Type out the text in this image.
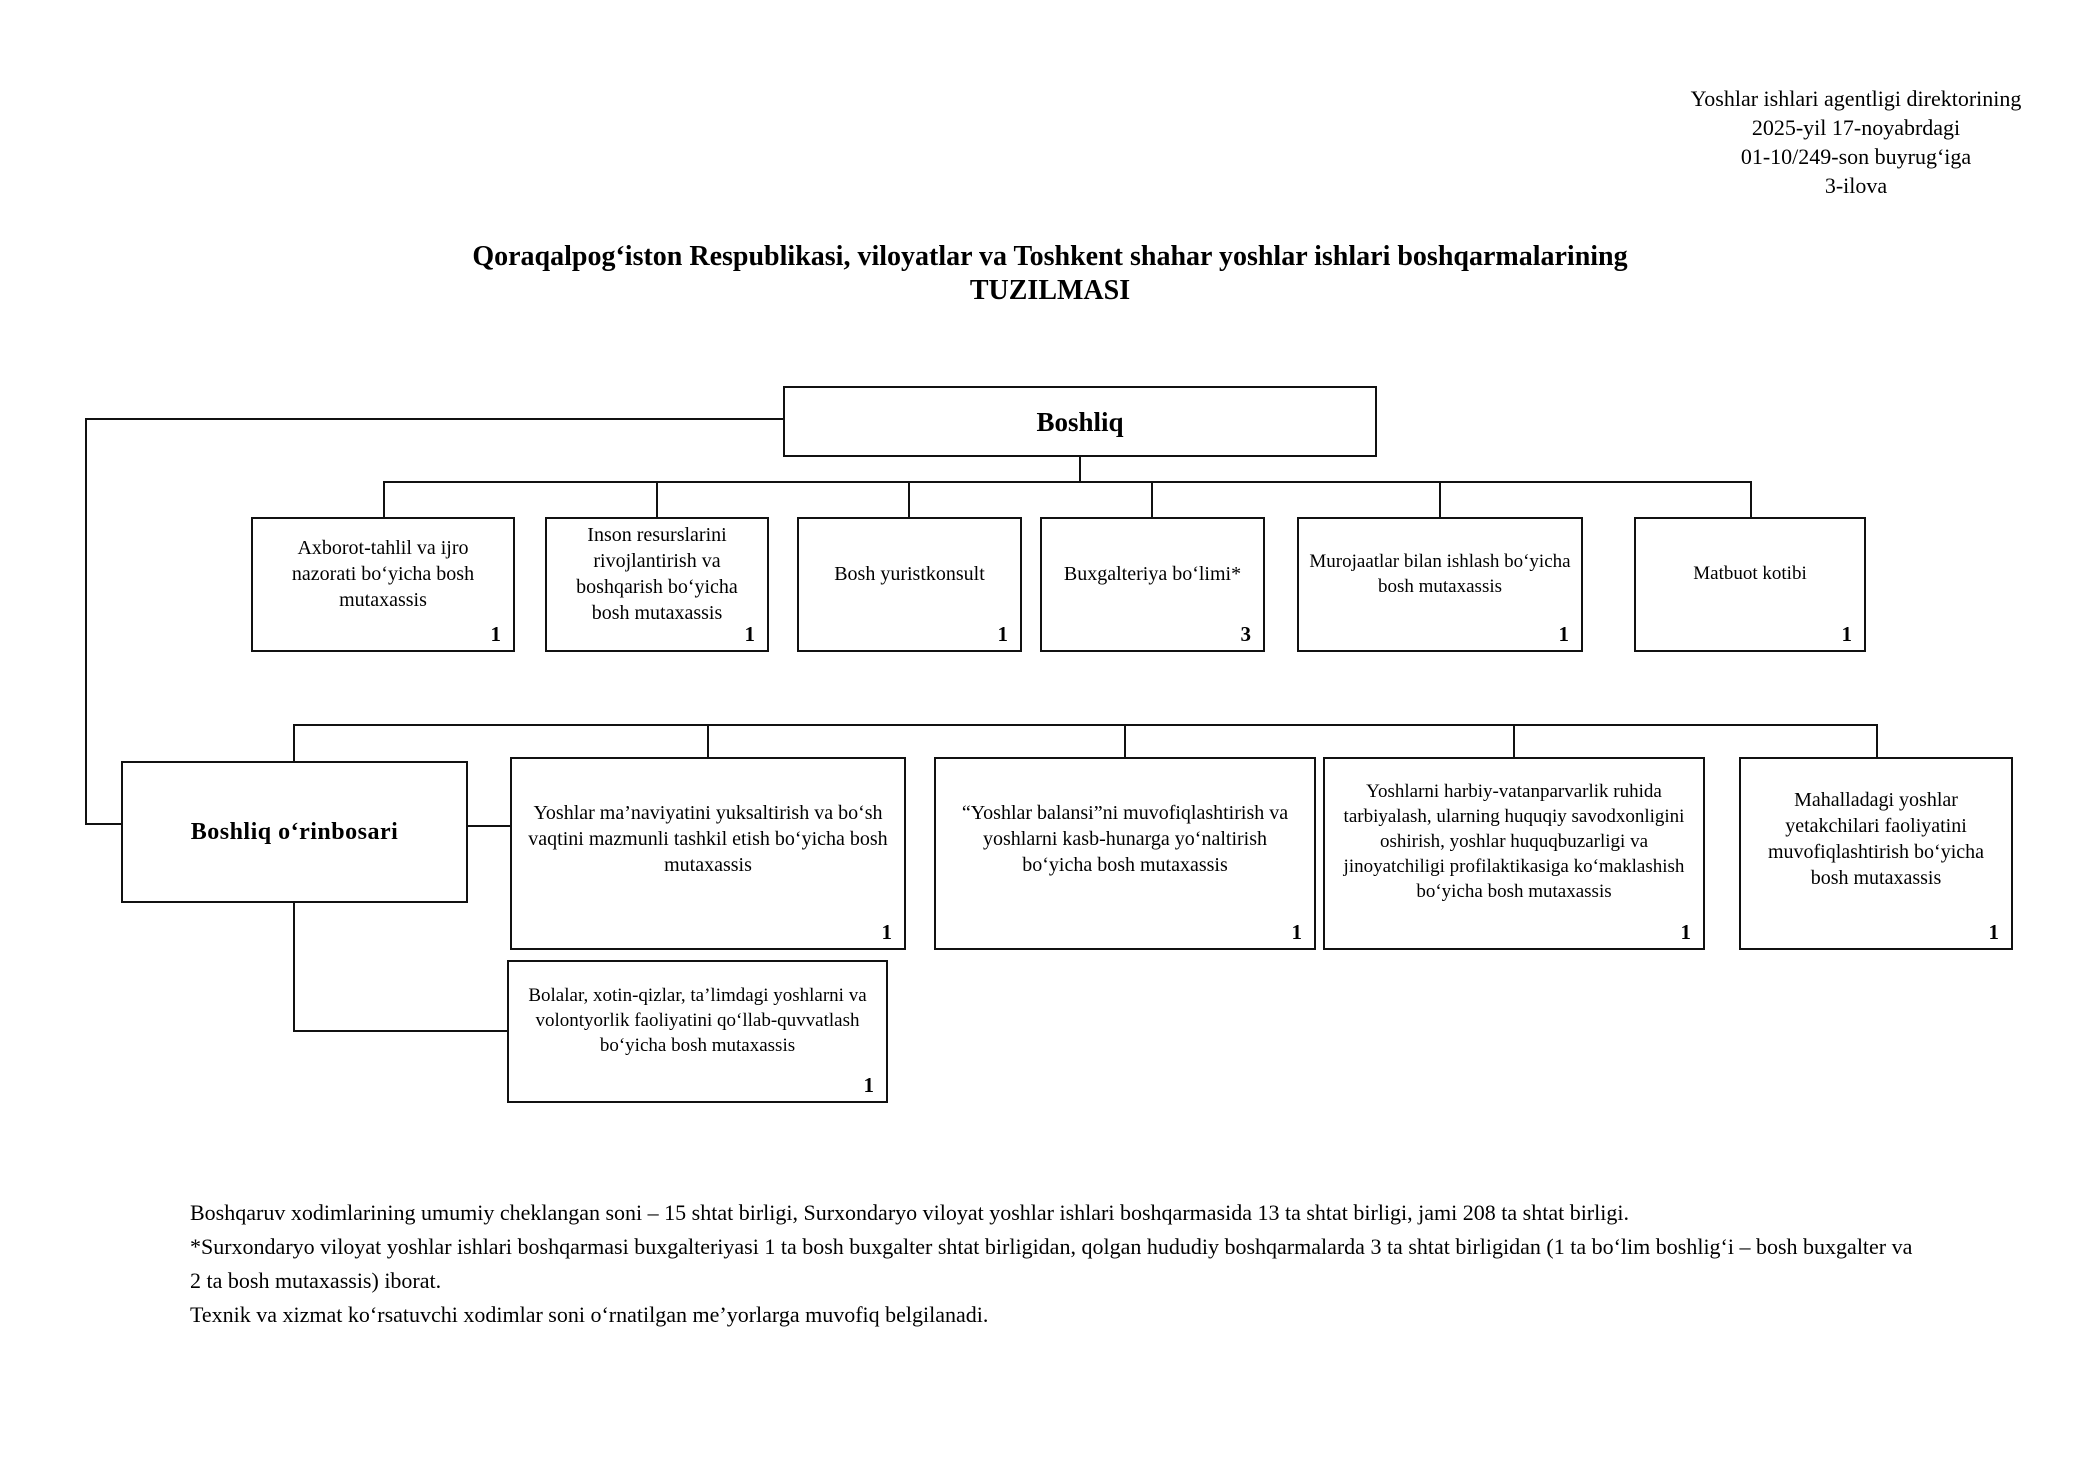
Yoshlar ishlari agentligi direktorining
2025-yil 17-noyabrdagi
01-10/249-son buyrug‘iga
3-ilova
Qoraqalpog‘iston Respublikasi, viloyatlar va Toshkent shahar yoshlar ishlari boshqarmalarining
TUZILMASI
Boshliq
Axborot-tahlil va ijro nazorati bo‘yicha bosh mutaxassis
1
Inson resurslarini rivojlantirish va boshqarish bo‘yicha bosh mutaxassis
1
Bosh yuristkonsult
1
Buxgalteriya bo‘limi*
3
Murojaatlar bilan ishlash bo‘yicha bosh mutaxassis
1
Matbuot kotibi
1
Boshliq o‘rinbosari
Yoshlar ma’naviyatini yuksaltirish va bo‘sh vaqtini mazmunli tashkil etish bo‘yicha bosh mutaxassis
1
“Yoshlar balansi”ni muvofiqlashtirish va yoshlarni kasb-hunarga yo‘naltirish bo‘yicha bosh mutaxassis
1
Yoshlarni harbiy-vatanparvarlik ruhida tarbiyalash, ularning huquqiy savodxonligini oshirish, yoshlar huquqbuzarligi va jinoyatchiligi profilaktikasiga ko‘maklashish bo‘yicha bosh mutaxassis
1
Mahalladagi yoshlar yetakchilari faoliyatini muvofiqlashtirish bo‘yicha bosh mutaxassis
1
Bolalar, xotin-qizlar, ta’limdagi yoshlarni va volontyorlik faoliyatini qo‘llab-quvvatlash bo‘yicha bosh mutaxassis
1
Boshqaruv xodimlarining umumiy cheklangan soni – 15 shtat birligi, Surxondaryo viloyat yoshlar ishlari boshqarmasida 13 ta shtat birligi, jami 208 ta shtat birligi.
*Surxondaryo viloyat yoshlar ishlari boshqarmasi buxgalteriyasi 1 ta bosh buxgalter shtat birligidan, qolgan hududiy boshqarmalarda 3 ta shtat birligidan (1 ta bo‘lim boshlig‘i – bosh buxgalter va
2 ta bosh mutaxassis) iborat.
Texnik va xizmat ko‘rsatuvchi xodimlar soni o‘rnatilgan me’yorlarga muvofiq belgilanadi.
